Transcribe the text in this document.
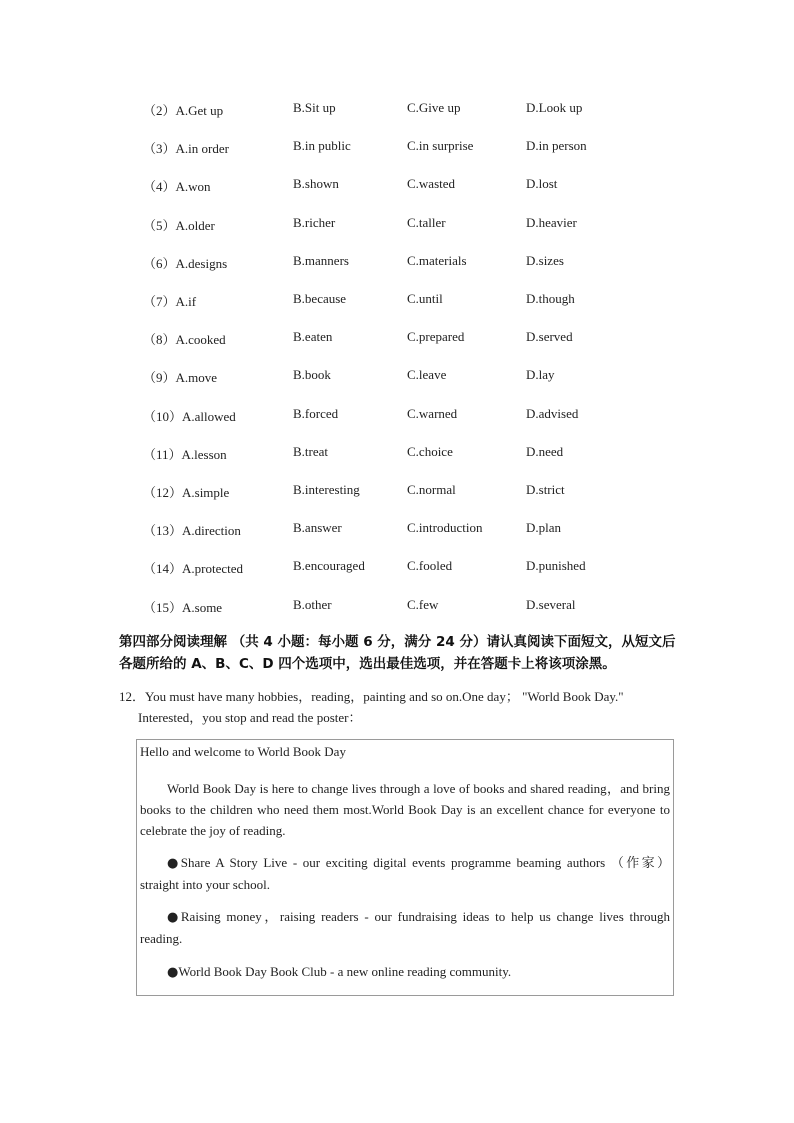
（2）A.Get up	B.Sit up	C.Give up	D.Look up
（3）A.in order	B.in public	C.in surprise	D.in person
（4）A.won	B.shown	C.wasted	D.lost
（5）A.older	B.richer	C.taller	D.heavier
（6）A.designs	B.manners	C.materials	D.sizes
（7）A.if	B.because	C.until	D.though
（8）A.cooked	B.eaten	C.prepared	D.served
（9）A.move	B.book	C.leave	D.lay
（10）A.allowed	B.forced	C.warned	D.advised
（11）A.lesson	B.treat	C.choice	D.need
（12）A.simple	B.interesting	C.normal	D.strict
（13）A.direction	B.answer	C.introduction	D.plan
（14）A.protected	B.encouraged	C.fooled	D.punished
（15）A.some	B.other	C.few	D.several
第四部分阅读理解 （共 4 小题：每小题 6 分，满分 24 分）请认真阅读下面短文，从短文后各题所给的 A、B、C、D 四个选项中，选出最佳选项，并在答题卡上将该项涂黑。
12．You must have many hobbies，reading，painting and so on.One day； "World Book Day."
Interested，you stop and read the poster：
Hello and welcome to World Book Day
World Book Day is here to change lives through a love of books and shared reading，and bring books to the children who need them most.World Book Day is an excellent chance for everyone to celebrate the joy of reading.
●Share A Story Live - our exciting digital events programme beaming authors （作家） straight into your school.
●Raising money，raising readers - our fundraising ideas to help us change lives through reading.
●World Book Day Book Club - a new online reading community.
